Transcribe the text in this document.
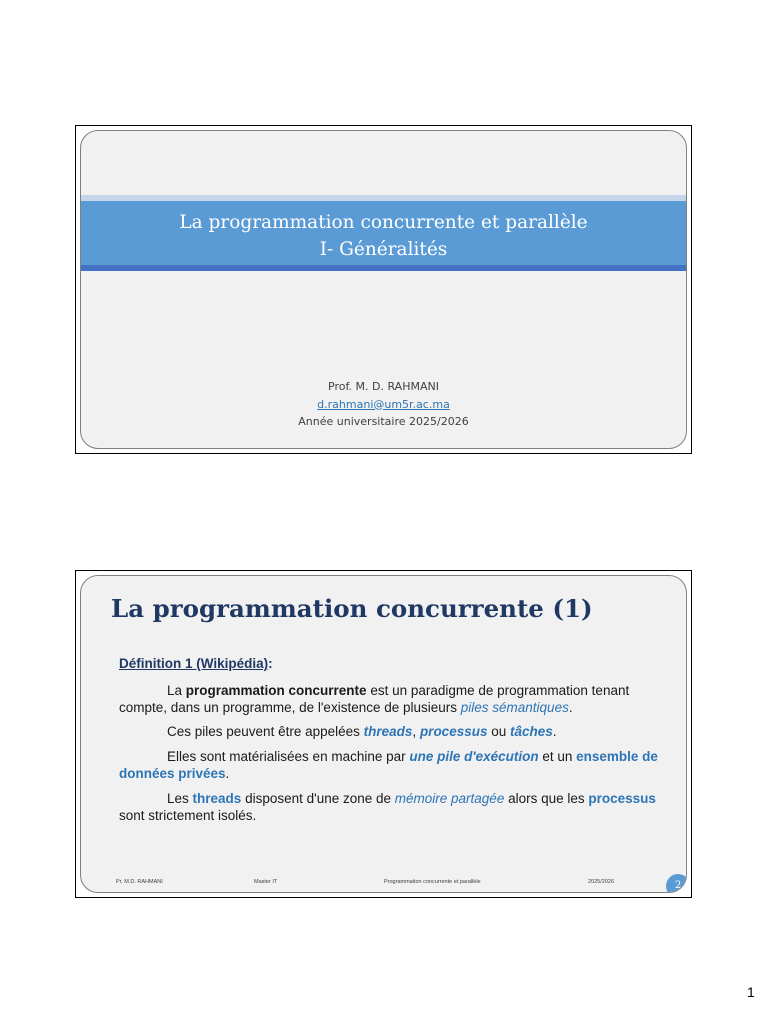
La programmation concurrente et parallèle
I- Généralités
Prof. M. D. RAHMANI
d.rahmani@um5r.ac.ma
Année universitaire 2025/2026
La programmation concurrente (1)
Définition 1 (Wikipédia):

La programmation concurrente est un paradigme de programmation tenant compte, dans un programme, de l'existence de plusieurs piles sémantiques.

Ces piles peuvent être appelées threads, processus ou tâches.

Elles sont matérialisées en machine par une pile d'exécution et un ensemble de données privées.

Les threads disposent d'une zone de mémoire partagée alors que les processus sont strictement isolés.

Pr. M.D. RAHMANI	Master IT	Programmation concurrente et parallèle	2025/2026	2
1
